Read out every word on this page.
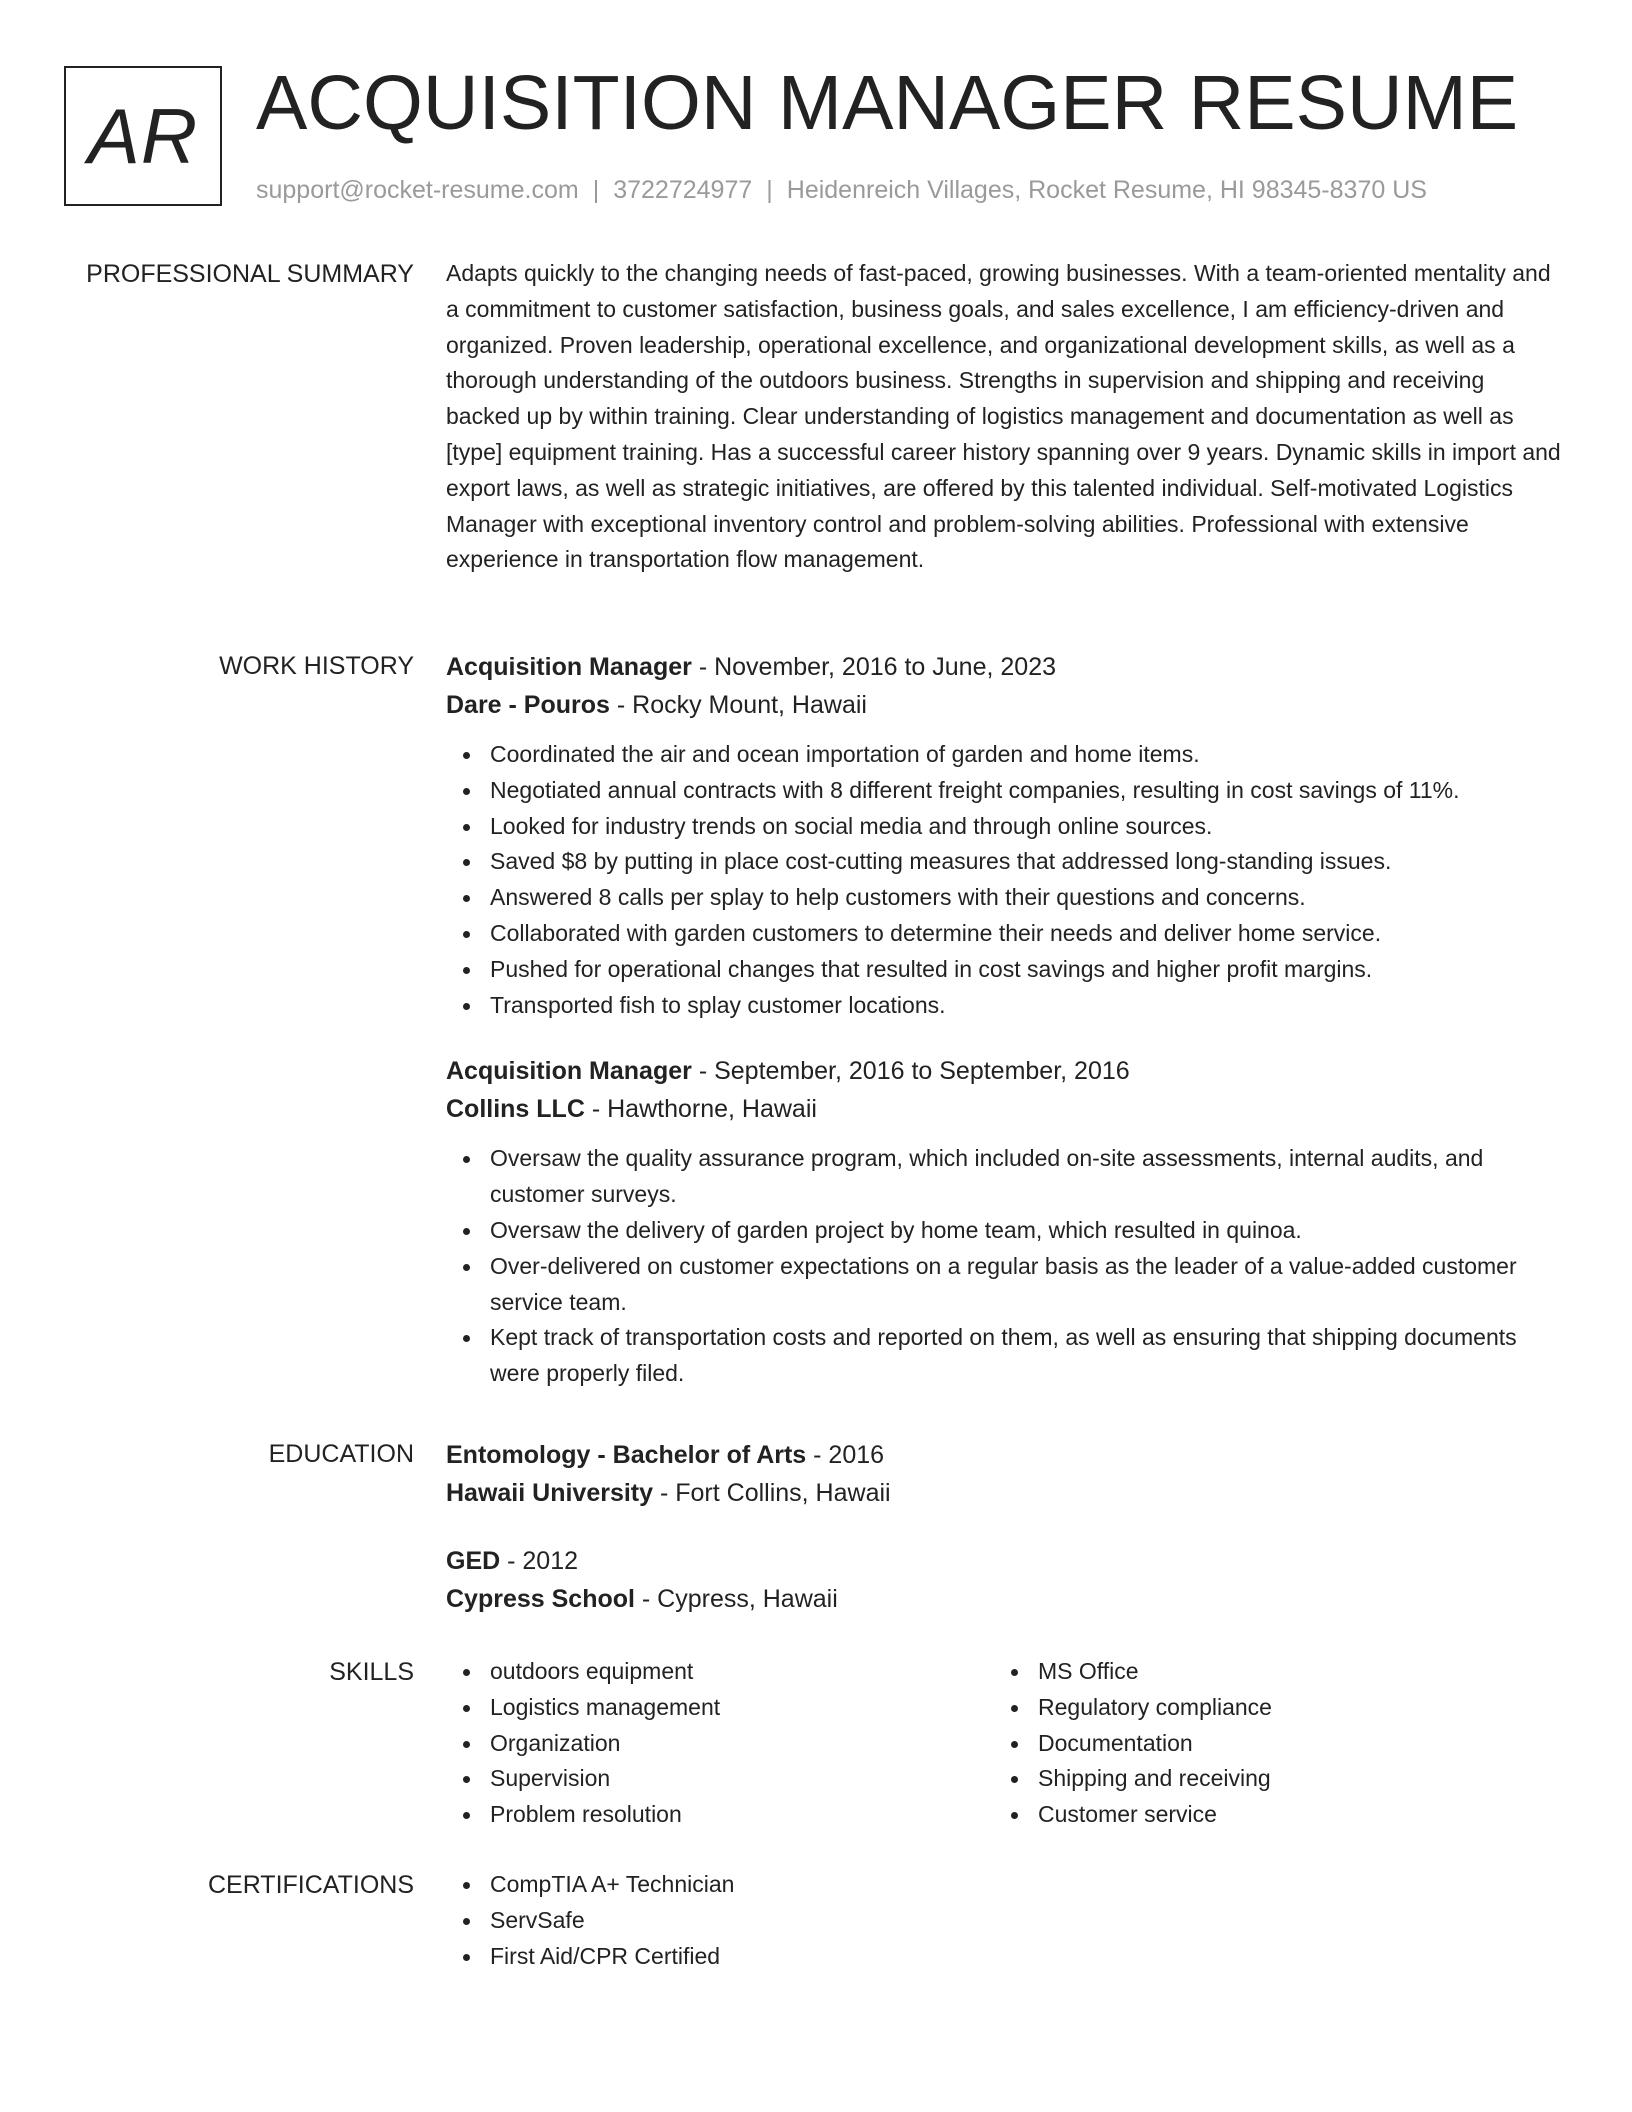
AR ACQUISITION MANAGER RESUME
support@rocket-resume.com | 3722724977 | Heidenreich Villages, Rocket Resume, HI 98345-8370 US
PROFESSIONAL SUMMARY Adapts quickly to the changing needs of fast-paced, growing businesses. With a team-oriented mentality and a commitment to customer satisfaction, business goals, and sales excellence, I am efficiency-driven and organized. Proven leadership, operational excellence, and organizational development skills, as well as a thorough understanding of the outdoors business. Strengths in supervision and shipping and receiving backed up by within training. Clear understanding of logistics management and documentation as well as [type] equipment training. Has a successful career history spanning over 9 years. Dynamic skills in import and export laws, as well as strategic initiatives, are offered by this talented individual. Self-motivated Logistics Manager with exceptional inventory control and problem-solving abilities. Professional with extensive experience in transportation flow management.

WORK HISTORY Acquisition Manager - November, 2016 to June, 2023
Dare - Pouros - Rocky Mount, Hawaii
Coordinated the air and ocean importation of garden and home items.
Negotiated annual contracts with 8 different freight companies, resulting in cost savings of 11%.
Looked for industry trends on social media and through online sources.
Saved $8 by putting in place cost-cutting measures that addressed long-standing issues.
Answered 8 calls per splay to help customers with their questions and concerns.
Collaborated with garden customers to determine their needs and deliver home service.
Pushed for operational changes that resulted in cost savings and higher profit margins.
Transported fish to splay customer locations.
Acquisition Manager - September, 2016 to September, 2016
Collins LLC - Hawthorne, Hawaii
Oversaw the quality assurance program, which included on-site assessments, internal audits, and customer surveys.
Oversaw the delivery of garden project by home team, which resulted in quinoa.
Over-delivered on customer expectations on a regular basis as the leader of a value-added customer service team.
Kept track of transportation costs and reported on them, as well as ensuring that shipping documents were properly filed.
EDUCATION Entomology - Bachelor of Arts - 2016
Hawaii University - Fort Collins, Hawaii
GED - 2012
Cypress School - Cypress, Hawaii
SKILLS	outdoors equipment
Logistics management
Organization
Supervision
Problem resolution
MS Office
Regulatory compliance
Documentation
Shipping and receiving
Customer service
CERTIFICATIONS	CompTIA A+ Technician
ServSafe
First Aid/CPR Certified
